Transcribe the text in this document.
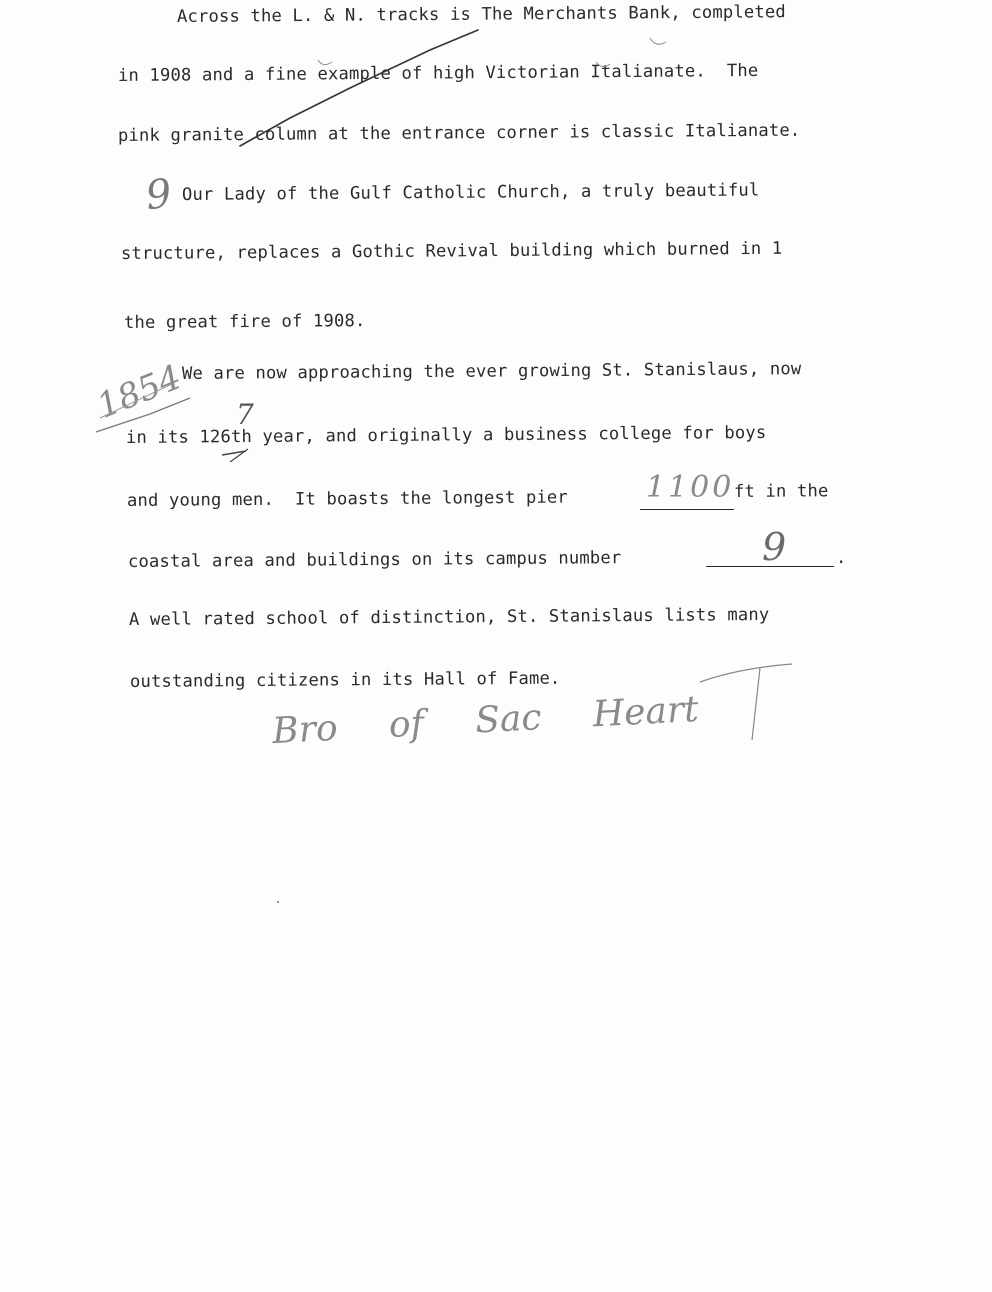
Across the L. & N. tracks is The Merchants Bank, completed
in 1908 and a fine example of high Victorian Italianate.  The
pink granite column at the entrance corner is classic Italianate.
Our Lady of the Gulf Catholic Church, a truly beautiful
structure, replaces a Gothic Revival building which burned in 1
the great fire of 1908.
We are now approaching the ever growing St. Stanislaus, now
in its 126th year, and originally a business college for boys
and young men.  It boasts the longest pier	ft in the
coastal area and buildings on its campus number	.
A well rated school of distinction, St. Stanislaus lists many
outstanding citizens in its Hall of Fame.
9
1854 7
1100
9
Bro of Sac Heart
